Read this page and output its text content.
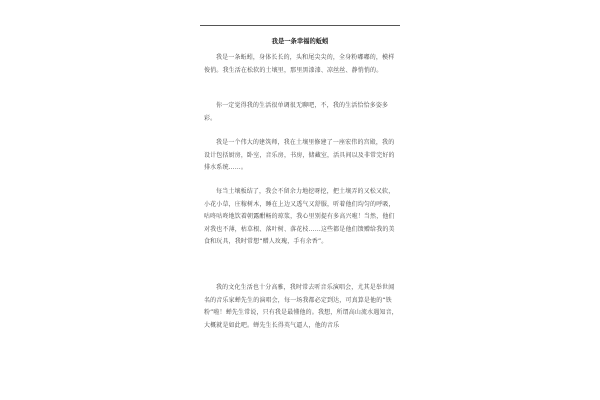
我是一条幸福的蚯蚓

我是一条蚯蚓，身体长长的，头和尾尖尖的，全身粉嘟嘟的，模样俊俏。我生活在松软的土壤里，那里黑漆漆、凉丝丝、静悄悄的。

你一定觉得我的生活很单调很无聊吧，不，我的生活恰恰多姿多彩。

我是一个伟大的建筑师，我在土壤里修建了一座宏伟的宫殿，我的设计包括厨房，卧室，音乐房，书房，储藏室，活具间以及非常完好的排水系统……。

每当土壤板结了，我会不留余力地挖呀挖，把土壤弄的又松又软，小花小草，庄稼树木，睡在上边又透气又舒服，听着他们均匀的呼吸，咕咚咕咚地饮着朝露酣畅的琼浆，我心里别提有多高兴啦！当然，他们对我也不薄，枯草根、落叶树、落花枝……这些都是他们馈赠给我的美食和玩具，我时常想“赠人玫瑰，手有余香”。

我的文化生活也十分高雅，我时常去听音乐演唱会，尤其是举世闻名的音乐家蝉先生的演唱会，每一场我都必定到达，可真算是他的“铁粉”啦！蝉先生常说，只有我是最懂他的。我想，所谓高山流水遇知音，大概就是如此吧。蝉先生长得英气逼人，他的音乐
